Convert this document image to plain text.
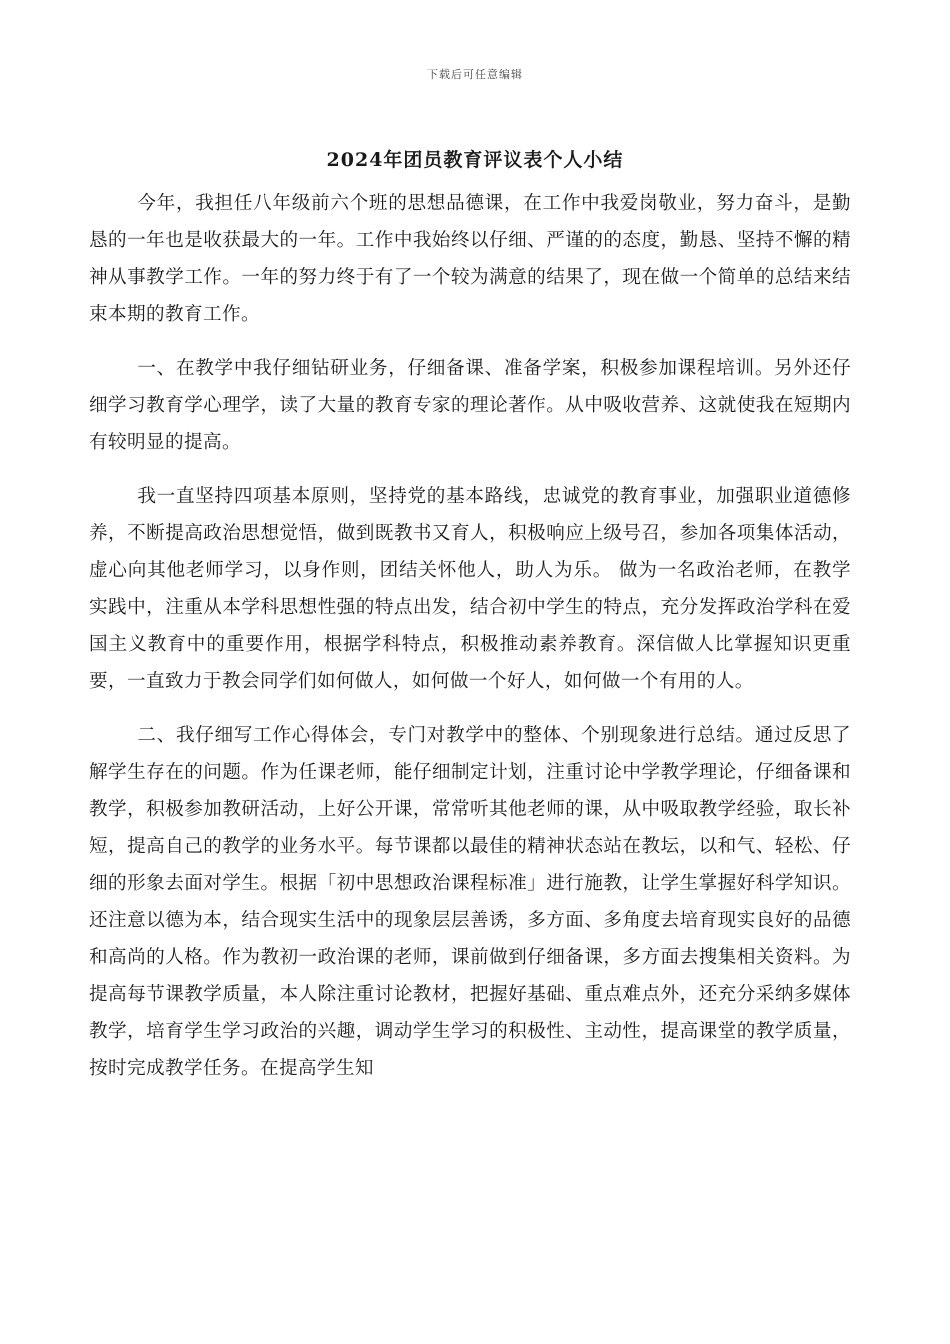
下载后可任意编辑
2024年团员教育评议表个人小结

今年，我担任八年级前六个班的思想品德课，在工作中我爱岗敬业，努力奋斗，是勤恳的一年也是收获最大的一年。工作中我始终以仔细、严谨的的态度，勤恳、坚持不懈的精神从事教学工作。一年的努力终于有了一个较为满意的结果了，现在做一个简单的总结来结束本期的教育工作。

一、在教学中我仔细钻研业务，仔细备课、准备学案，积极参加课程培训。另外还仔细学习教育学心理学，读了大量的教育专家的理论著作。从中吸收营养、这就使我在短期内有较明显的提高。

我一直坚持四项基本原则，坚持党的基本路线，忠诚党的教育事业，加强职业道德修养，不断提高政治思想觉悟，做到既教书又育人，积极响应上级号召，参加各项集体活动，虚心向其他老师学习，以身作则，团结关怀他人，助人为乐。 做为一名政治老师，在教学实践中，注重从本学科思想性强的特点出发，结合初中学生的特点，充分发挥政治学科在爱国主义教育中的重要作用，根据学科特点，积极推动素养教育。深信做人比掌握知识更重要，一直致力于教会同学们如何做人，如何做一个好人，如何做一个有用的人。

二、我仔细写工作心得体会，专门对教学中的整体、个别现象进行总结。通过反思了解学生存在的问题。作为任课老师，能仔细制定计划，注重讨论中学教学理论，仔细备课和教学，积极参加教研活动，上好公开课，常常听其他老师的课，从中吸取教学经验，取长补短，提高自己的教学的业务水平。每节课都以最佳的精神状态站在教坛，以和气、轻松、仔细的形象去面对学生。根据「初中思想政治课程标准」进行施教，让学生掌握好科学知识。还注意以德为本，结合现实生活中的现象层层善诱，多方面、多角度去培育现实良好的品德和高尚的人格。作为教初一政治课的老师，课前做到仔细备课，多方面去搜集相关资料。为提高每节课教学质量，本人除注重讨论教材，把握好基础、重点难点外，还充分采纳多媒体教学，培育学生学习政治的兴趣，调动学生学习的积极性、主动性，提高课堂的教学质量，按时完成教学任务。在提高学生知
